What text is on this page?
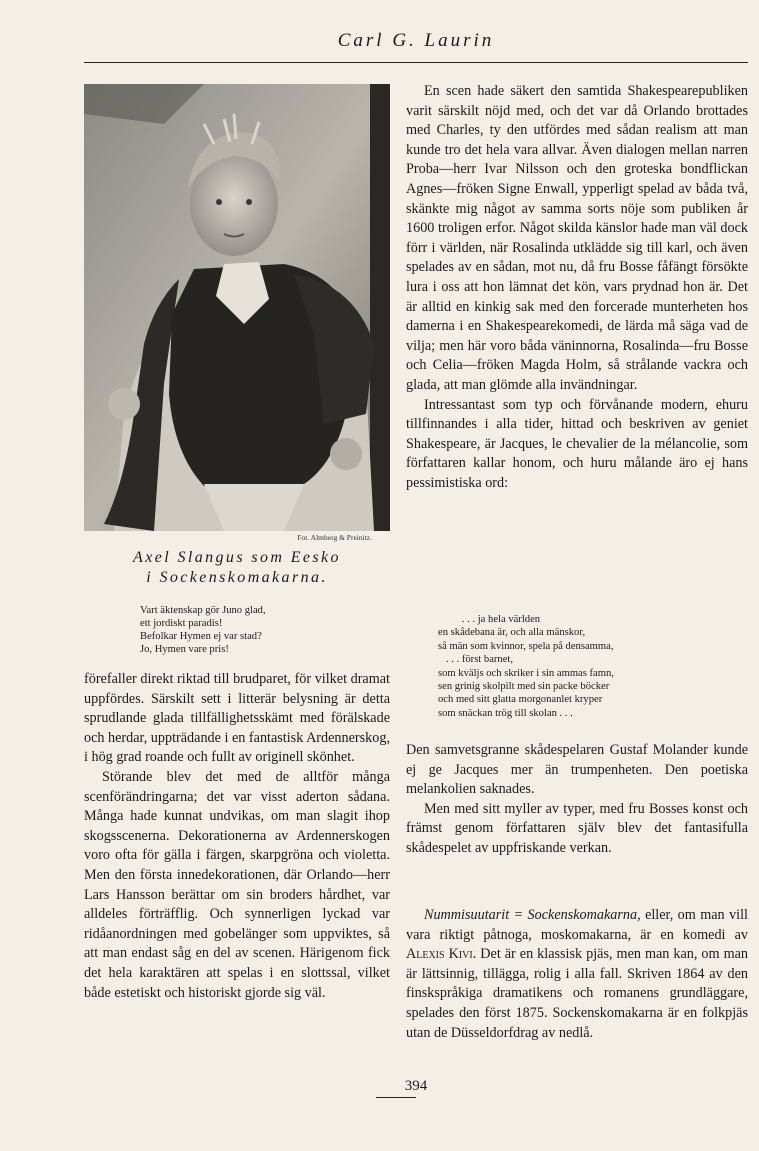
Carl G. Laurin
Fot. Almberg & Preinitz.
Axel Slangus som Eesko
i Sockenskomakarna.
Vart äktenskap gör Juno glad,
ett jordiskt paradis!
Befolkar Hymen ej var stad?
Jo, Hymen vare pris!

förefaller direkt riktad till brudparet, för vilket dramat uppfördes. Särskilt sett i litterär belysning är detta sprudlande glada tillfällighetsskämt med förälskade och herdar, uppträdande i en fantastisk Ardennerskog, i hög grad roande och fullt av originell skönhet.

Störande blev det med de alltför många scenförändringarna; det var visst aderton sådana. Många hade kunnat undvikas, om man slagit ihop skogsscenerna. Dekorationerna av Ardennerskogen voro ofta för gälla i färgen, skarpgröna och violetta. Men den första innedekorationen, där Orlando—herr Lars Hansson berättar om sin broders hårdhet, var alldeles förträfflig. Och synnerligen lyckad var ridåanordningen med gobelänger som uppviktes, så att man endast såg en del av scenen. Härigenom fick det hela karaktären att spelas i en slottssal, vilket både estetiskt och historiskt gjorde sig väl.

En scen hade säkert den samtida Shakespearepubliken varit särskilt nöjd med, och det var då Orlando brottades med Charles, ty den utfördes med sådan realism att man kunde tro det hela vara allvar. Även dialogen mellan narren Proba—herr Ivar Nilsson och den groteska bondflickan Agnes—fröken Signe Enwall, ypperligt spelad av båda två, skänkte mig något av samma sorts nöje som publiken år 1600 troligen erfor. Något skilda känslor hade man väl dock förr i världen, när Rosalinda utklädde sig till karl, och även spelades av en sådan, mot nu, då fru Bosse fåfängt försökte lura i oss att hon lämnat det kön, vars prydnad hon är. Det är alltid en kinkig sak med den forcerade munterheten hos damerna i en Shakespearekomedi, de lärda må säga vad de vilja; men här voro båda väninnorna, Rosalinda—fru Bosse och Celia—fröken Magda Holm, så strålande vackra och glada, att man glömde alla invändningar.

Intressantast som typ och förvånande modern, ehuru tillfinnandes i alla tider, hittad och beskriven av geniet Shakespeare, är Jacques, le chevalier de la mélancolie, som författaren kallar honom, och huru målande äro ej hans pessimistiska ord:

. . . ja hela världen
en skådebana är, och alla mänskor,
så män som kvinnor, spela på densamma,
. . . först barnet,
som kväljs och skriker i sin ammas famn,
sen grinig skolpilt med sin packe böcker
och med sitt glatta morgonanlet kryper
som snäckan trög till skolan . . .

Den samvetsgranne skådespelaren Gustaf Molander kunde ej ge Jacques mer än trumpenheten. Den poetiska melankolien saknades.

Men med sitt myller av typer, med fru Bosses konst och främst genom författaren själv blev det fantasifulla skådespelet av uppfriskande verkan.

Nummisuutarit = Sockenskomakarna, eller, om man vill vara riktigt påtnoga, moskomakarna, är en komedi av Alexis Kivi. Det är en klassisk pjäs, men man kan, om man är lättsinnig, tillägga, rolig i alla fall. Skriven 1864 av den finskspråkiga dramatikens och romanens grundläggare, spelades den först 1875. Sockenskomakarna är en folkpjäs utan de Düsseldorfdrag av nedlå.

394
